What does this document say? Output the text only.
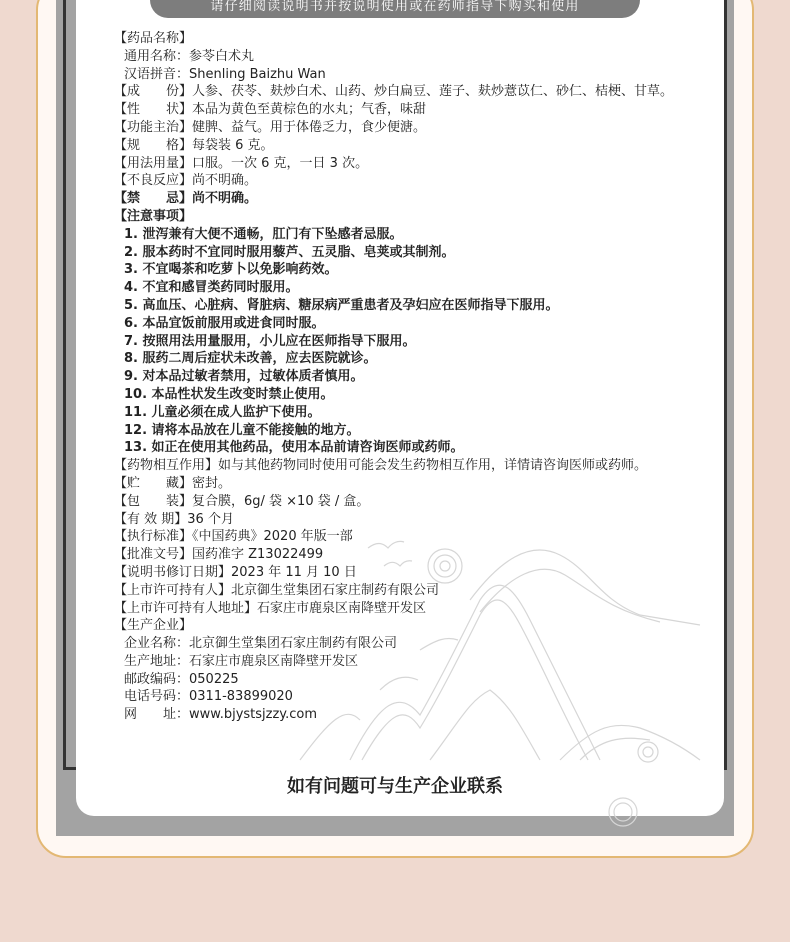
请仔细阅读说明书并按说明使用或在药师指导下购买和使用
【药品名称】
通用名称：参苓白术丸
汉语拼音：Shenling Baizhu Wan
【成　　份】人参、茯苓、麸炒白术、山药、炒白扁豆、莲子、麸炒薏苡仁、砂仁、桔梗、甘草。
【性　　状】本品为黄色至黄棕色的水丸；气香，味甜
【功能主治】健脾、益气。用于体倦乏力，食少便溏。
【规　　格】每袋装 6 克。
【用法用量】口服。一次 6 克，一日 3 次。
【不良反应】尚不明确。
【禁　　忌】尚不明确。
【注意事项】
1. 泄泻兼有大便不通畅，肛门有下坠感者忌服。
2. 服本药时不宜同时服用藜芦、五灵脂、皂荚或其制剂。
3. 不宜喝茶和吃萝卜以免影响药效。
4. 不宜和感冒类药同时服用。
5. 高血压、心脏病、肾脏病、糖尿病严重患者及孕妇应在医师指导下服用。
6. 本品宜饭前服用或进食同时服。
7. 按照用法用量服用，小儿应在医师指导下服用。
8. 服药二周后症状未改善，应去医院就诊。
9. 对本品过敏者禁用，过敏体质者慎用。
10. 本品性状发生改变时禁止使用。
11. 儿童必须在成人监护下使用。
12. 请将本品放在儿童不能接触的地方。
13. 如正在使用其他药品，使用本品前请咨询医师或药师。
【药物相互作用】如与其他药物同时使用可能会发生药物相互作用，详情请咨询医师或药师。
【贮　　藏】密封。
【包　　装】复合膜，6g/ 袋 ×10 袋 / 盒。
【有 效 期】36 个月
【执行标准】《中国药典》2020 年版一部
【批准文号】国药准字 Z13022499
【说明书修订日期】2023 年 11 月 10 日
【上市许可持有人】北京御生堂集团石家庄制药有限公司
【上市许可持有人地址】石家庄市鹿泉区南降壁开发区
【生产企业】
企业名称：北京御生堂集团石家庄制药有限公司
生产地址：石家庄市鹿泉区南降壁开发区
邮政编码：050225
电话号码：0311-83899020
网　　址：www.bjystsjzzy.com
如有问题可与生产企业联系
